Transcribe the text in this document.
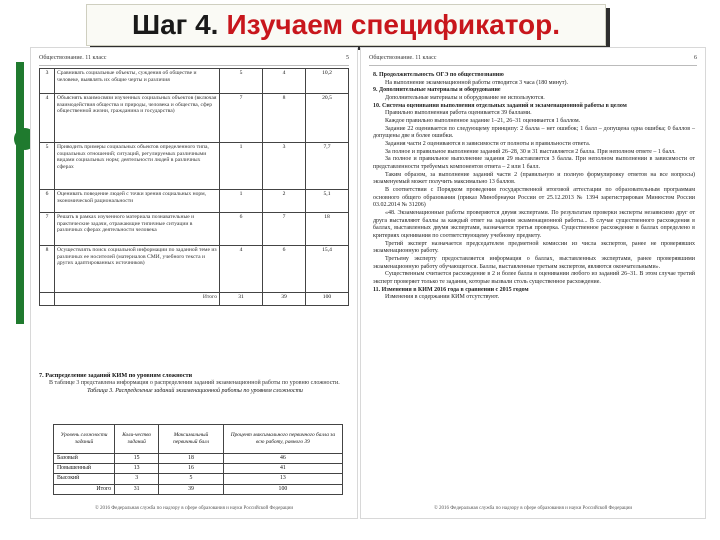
Шаг 4. Изучаем спецификатор.
Обществознание. 11 класс	5
3	Сравнивать социальные объекты, суждения об обществе и человеке, выявлять их общие черты и различия	5	4	10,2
4	Объяснять взаимосвязи изученных социальных объектов (включая взаимодействия общества и природы, человека и общества, сфер общественной жизни, гражданина и государства)	7	8	20,5
5	Приводить примеры социальных объектов определенного типа, социальных отношений; ситуаций, регулируемых различными видами социальных норм; деятельности людей в различных сферах	1	3	7,7
6	Оценивать поведение людей с точки зрения социальных норм, экономической рациональности	1	2	5,1
7	Решать в рамках изученного материала познавательные и практические задачи, отражающие типичные ситуации в различных сферах деятельности человека	6	7	18
8	Осуществлять поиск социальной информации по заданной теме из различных ее носителей (материалов СМИ, учебного текста и других адаптированных источников)	4	6	15,4
	Итого	31	39	100
7. Распределение заданий КИМ по уровням сложности
В таблице 3 представлена информация о распределении заданий экзаменационной работы по уровню сложности.
Таблица 3. Распределение заданий экзаменационной работы по уровням сложности
Уровень сложности заданий	Коли-чество заданий	Максимальный первичный балл	Процент максимального первичного балла за всю работу, равного 39
Базовый	15	18	46
Повышенный	13	16	41
Высокий	3	5	13
Итого	31	39	100
© 2016 Федеральная служба по надзору в сфере образования и науки Российской Федерации
Обществознание. 11 класс	6
8. Продолжительность ОГЭ по обществознанию
На выполнение экзаменационной работы отводится 3 часа (180 минут).
9. Дополнительные материалы и оборудование
Дополнительные материалы и оборудование не используются.
10. Система оценивания выполнения отдельных заданий и экзаменационной работы в целом
Правильно выполненная работа оценивается 39 баллами.
Каждое правильно выполненное задание 1–21, 26–31 оценивается 1 баллом.
Задание 22 оценивается по следующему принципу: 2 балла – нет ошибок; 1 балл – допущена одна ошибка; 0 баллов – допущены две и более ошибки.
Задания части 2 оцениваются в зависимости от полноты и правильности ответа.
За полное и правильное выполнение заданий 26–28, 30 и 31 выставляется 2 балла. При неполном ответе – 1 балл.
За полное и правильное выполнение задания 29 выставляется 3 балла. При неполном выполнении в зависимости от представленности требуемых компонентов ответа – 2 или 1 балл.
Таким образом, за выполнение заданий части 2 (правильную и полную формулировку ответов на все вопросы) экзаменуемый может получить максимально 13 баллов.
В соответствии с Порядком проведения государственной итоговой аттестации по образовательным программам основного общего образования (приказ Минобрнауки России от 25.12.2013 № 1394 зарегистрирован Минюстом России 03.02.2014 № 31206)
«48. Экзаменационные работы проверяются двумя экспертами. По результатам проверки эксперты независимо друг от друга выставляют баллы за каждый ответ на задания экзаменационной работы... В случае существенного расхождения в баллах, выставленных двумя экспертами, назначается третья проверка. Существенное расхождение в баллах определено в критериях оценивания по соответствующему учебному предмету.
Третий эксперт назначается председателем предметной комиссии из числа экспертов, ранее не проверявших экзаменационную работу.
Третьему эксперту предоставляется информация о баллах, выставленных экспертами, ранее проверявшими экзаменационную работу обучающегося. Баллы, выставленные третьим экспертом, являются окончательными».
Существенным считается расхождение в 2 и более балла в оценивании любого из заданий 26–31. В этом случае третий эксперт проверяет только те задания, которые вызвали столь существенное расхождение.
11. Изменения в КИМ 2016 года в сравнении с 2015 годом
Изменения в содержании КИМ отсутствуют.
© 2016 Федеральная служба по надзору в сфере образования и науки Российской Федерации
